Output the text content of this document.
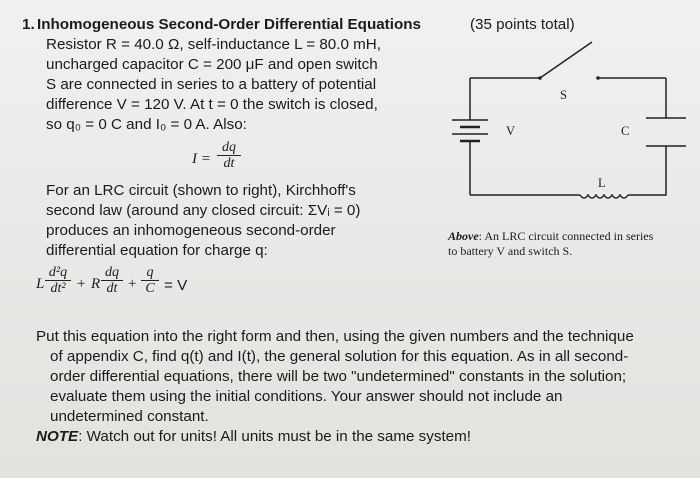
1. Inhomogeneous Second-Order Differential Equations	(35 points total)
Resistor R = 40.0 Ω, self-inductance L = 80.0 mH,
uncharged capacitor C = 200 μF and open switch
S are connected in series to a battery of potential
difference V = 120 V. At t = 0 the switch is closed,
so q₀ = 0 C and I₀ = 0 A. Also:
$I = \frac{dq}{dt}$
For an LRC circuit (shown to right), Kirchhoff's
second law (around any closed circuit: ΣVᵢ = 0)
produces an inhomogeneous second-order
differential equation for charge q:
L $\frac{\text{d²q}}{\text{dt²}} + R \frac{dq}{dt} + \frac{q}{C} = V$
Put this equation into the right form and then, using the given numbers and the technique
of appendix C, find q(t) and I(t), the general solution for this equation. As in all second-
order differential equations, there will be two "undetermined" constants in the solution;
evaluate them using the initial conditions. Your answer should not include an
undetermined constant.
NOTE: Watch out for units! All units must be in the same system!
S
V	C
L
Above: An LRC circuit connected in series
to battery V and switch S.
